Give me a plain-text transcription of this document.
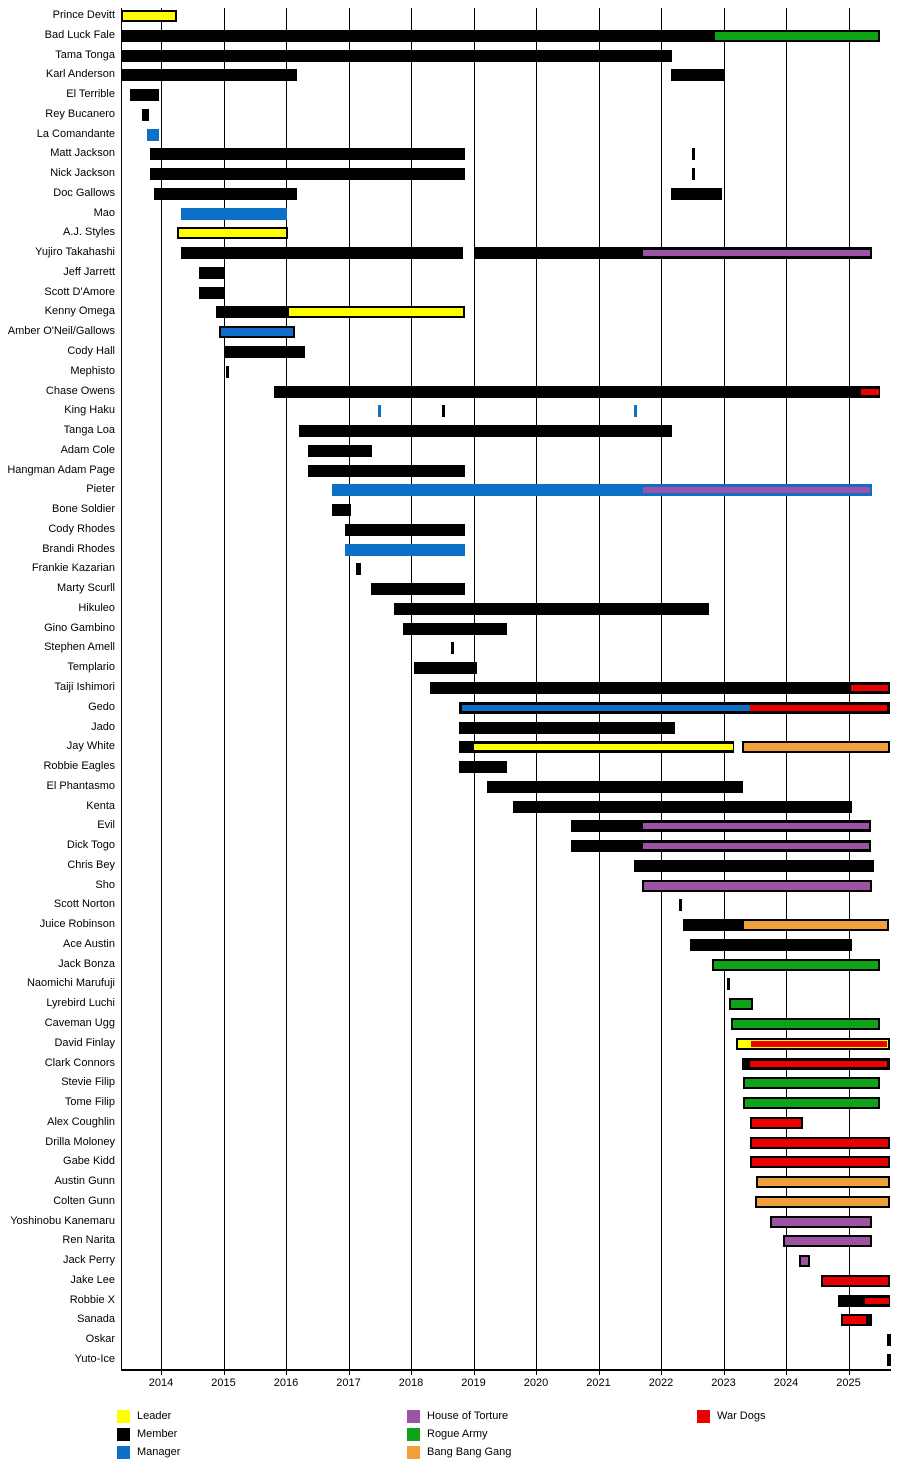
2014	2015	2016	2017	2018	2019	2020	2021	2022	2023	2024	2025
Prince Devitt
Bad Luck Fale
Tama Tonga
Karl Anderson
El Terrible
Rey Bucanero
La Comandante
Matt Jackson
Nick Jackson
Doc Gallows
Mao
A.J. Styles
Yujiro Takahashi
Jeff Jarrett
Scott D'Amore
Kenny Omega
Amber O'Neil/Gallows
Cody Hall
Mephisto
Chase Owens
King Haku
Tanga Loa
Adam Cole
Hangman Adam Page
Pieter
Bone Soldier
Cody Rhodes
Brandi Rhodes
Frankie Kazarian
Marty Scurll
Hikuleo
Gino Gambino
Stephen Amell
Templario
Taiji Ishimori
Gedo
Jado
Jay White
Robbie Eagles
El Phantasmo
Kenta
Evil
Dick Togo
Chris Bey
Sho
Scott Norton
Juice Robinson
Ace Austin
Jack Bonza
Naomichi Marufuji
Lyrebird Luchi
Caveman Ugg
David Finlay
Clark Connors
Stevie Filip
Tome Filip
Alex Coughlin
Drilla Moloney
Gabe Kidd
Austin Gunn
Colten Gunn
Yoshinobu Kanemaru
Ren Narita
Jack Perry
Jake Lee
Robbie X
Sanada
Oskar
Yuto-Ice
Leader
Member
Manager
House of Torture
Rogue Army
Bang Bang Gang
War Dogs
